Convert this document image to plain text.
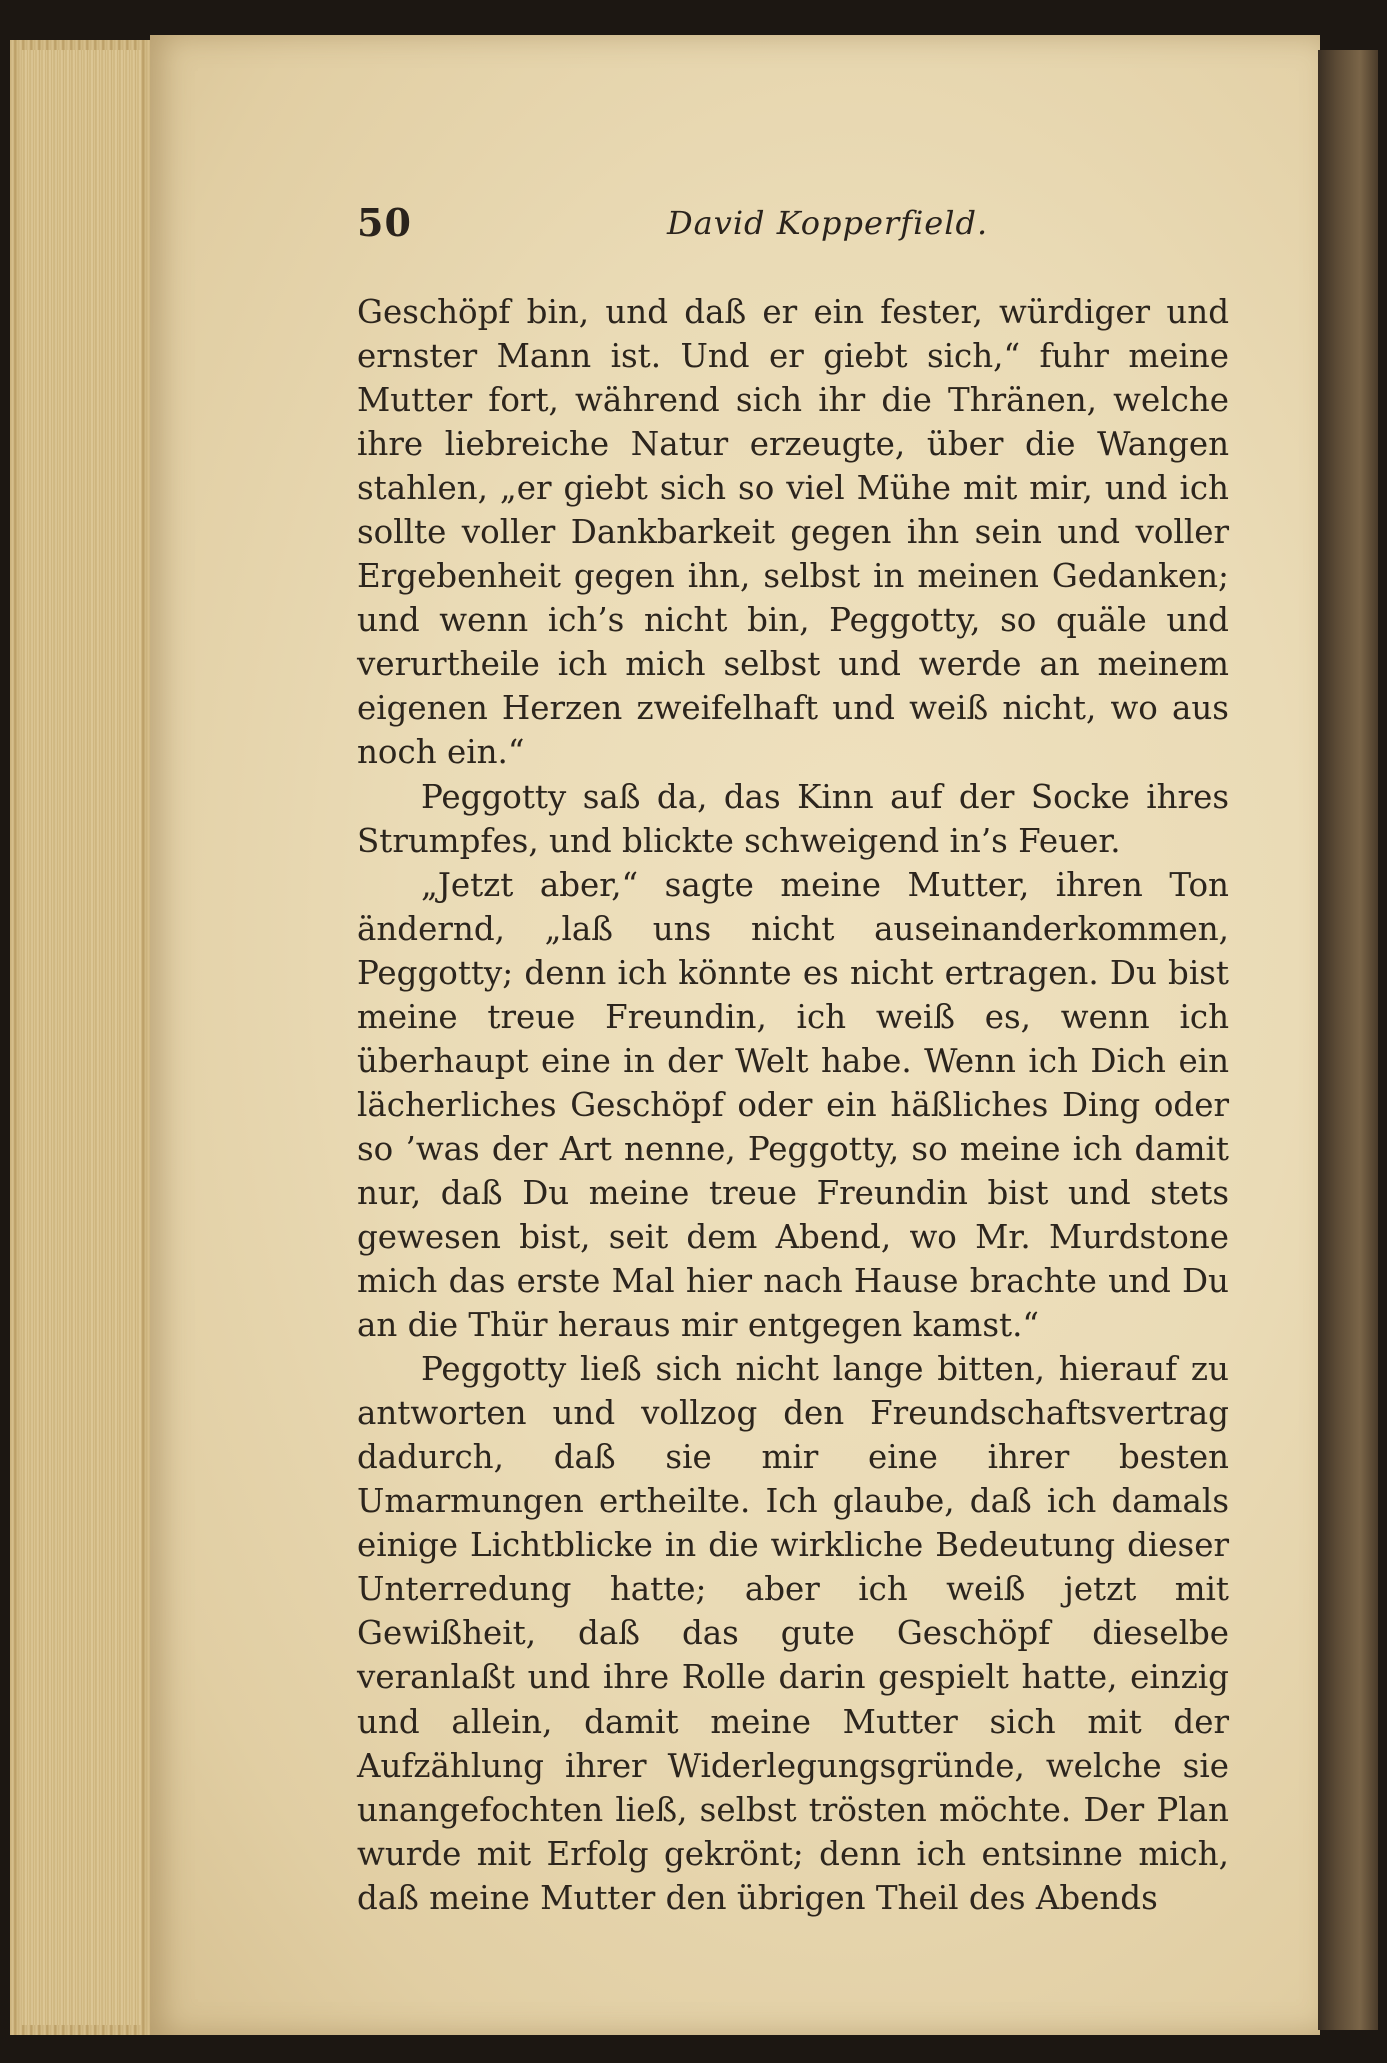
50	David Kopperfield.

Geschöpf bin, und daß er ein fester, würdiger und ernster Mann ist. Und er giebt sich,“ fuhr meine Mutter fort, während sich ihr die Thränen, welche ihre liebreiche Natur erzeugte, über die Wangen stahlen, „er giebt sich so viel Mühe mit mir, und ich sollte voller Dankbarkeit gegen ihn sein und voller Ergebenheit gegen ihn, selbst in meinen Gedanken; und wenn ich’s nicht bin, Peggotty, so quäle und verurtheile ich mich selbst und werde an meinem eigenen Herzen zweifelhaft und weiß nicht, wo aus noch ein.“

Peggotty saß da, das Kinn auf der Socke ihres Strumpfes, und blickte schweigend in’s Feuer.

„Jetzt aber,“ sagte meine Mutter, ihren Ton ändernd, „laß uns nicht auseinanderkommen, Peggotty; denn ich könnte es nicht ertragen. Du bist meine treue Freundin, ich weiß es, wenn ich überhaupt eine in der Welt habe. Wenn ich Dich ein lächerliches Geschöpf oder ein häßliches Ding oder so ’was der Art nenne, Peggotty, so meine ich damit nur, daß Du meine treue Freundin bist und stets gewesen bist, seit dem Abend, wo Mr. Murdstone mich das erste Mal hier nach Hause brachte und Du an die Thür heraus mir entgegen kamst.“

Peggotty ließ sich nicht lange bitten, hierauf zu antworten und vollzog den Freundschaftsvertrag dadurch, daß sie mir eine ihrer besten Umarmungen ertheilte. Ich glaube, daß ich damals einige Lichtblicke in die wirkliche Bedeutung dieser Unterredung hatte; aber ich weiß jetzt mit Gewißheit, daß das gute Geschöpf dieselbe veranlaßt und ihre Rolle darin gespielt hatte, einzig und allein, damit meine Mutter sich mit der Aufzählung ihrer Widerlegungsgründe, welche sie unangefochten ließ, selbst trösten möchte. Der Plan wurde mit Erfolg gekrönt; denn ich entsinne mich, daß meine Mutter den übrigen Theil des Abends
